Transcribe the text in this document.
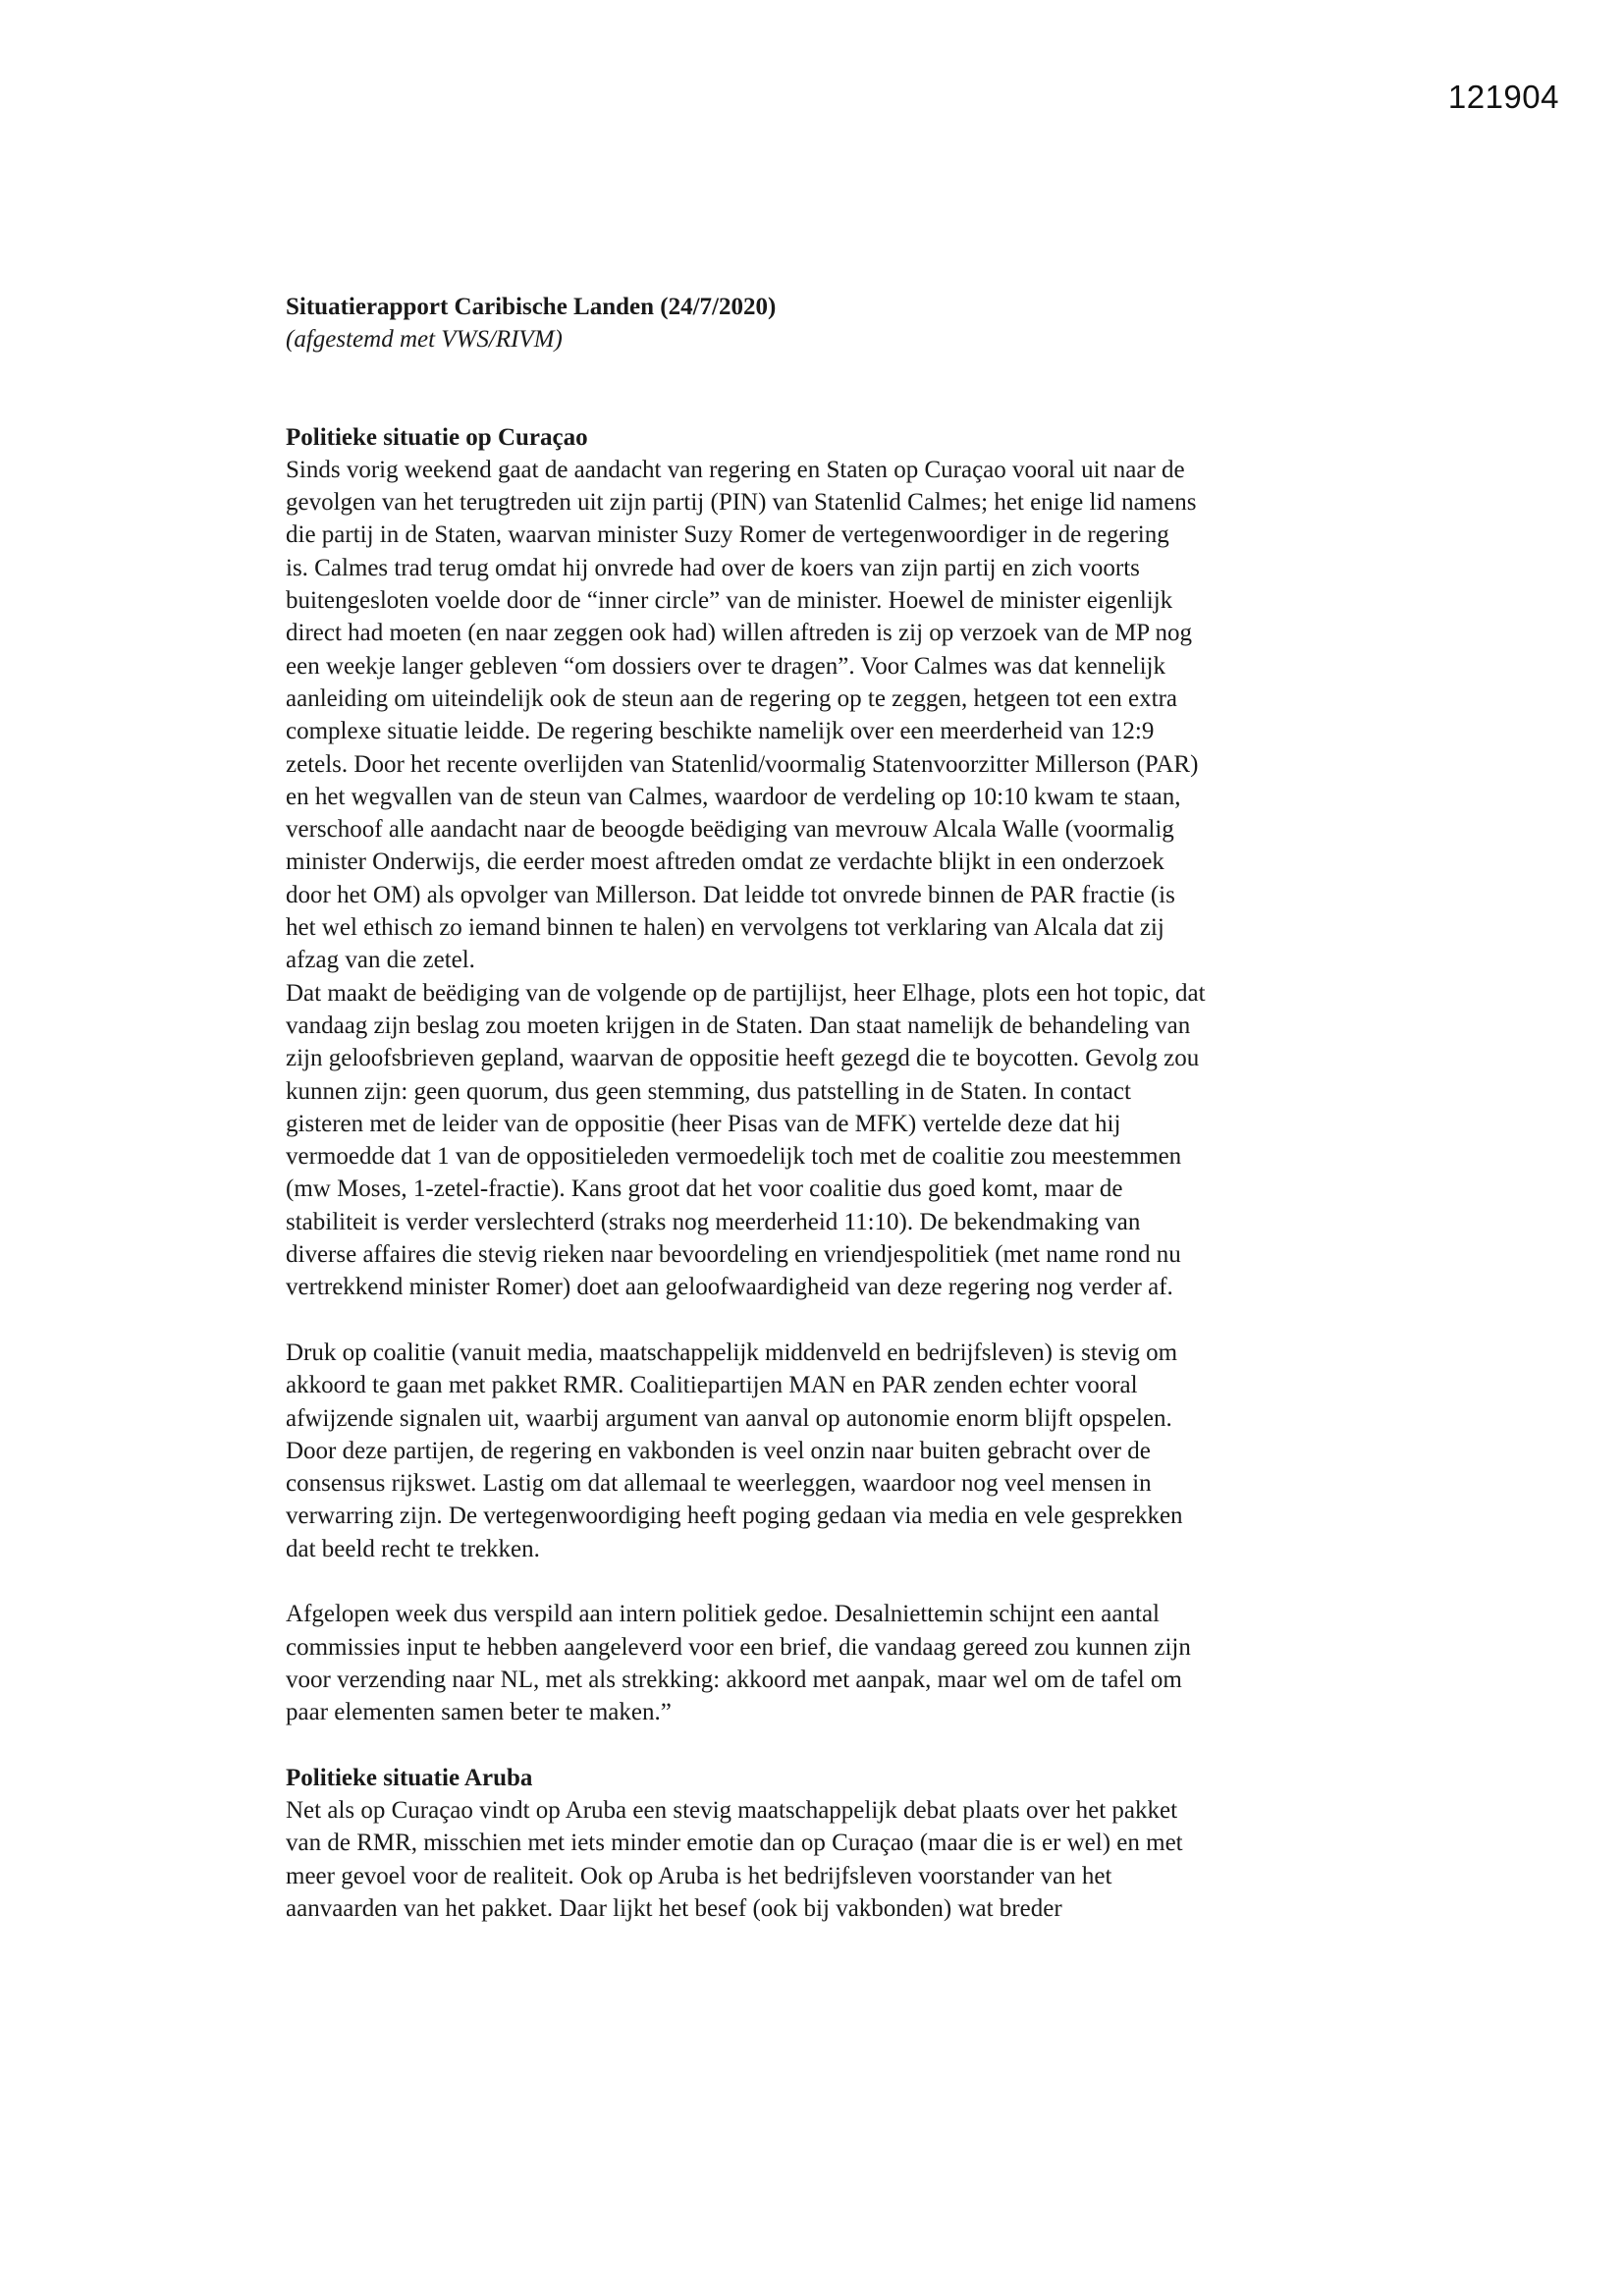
121904

Situatierapport Caribische Landen (24/7/2020)

(afgestemd met VWS/RIVM)

Politieke situatie op Curaçao

Sinds vorig weekend gaat de aandacht van regering en Staten op Curaçao vooral uit naar de
gevolgen van het terugtreden uit zijn partij (PIN) van Statenlid Calmes; het enige lid namens
die partij in de Staten, waarvan minister Suzy Romer de vertegenwoordiger in de regering
is. Calmes trad terug omdat hij onvrede had over de koers van zijn partij en zich voorts
buitengesloten voelde door de “inner circle” van de minister. Hoewel de minister eigenlijk
direct had moeten (en naar zeggen ook had) willen aftreden is zij op verzoek van de MP nog
een weekje langer gebleven “om dossiers over te dragen”. Voor Calmes was dat kennelijk
aanleiding om uiteindelijk ook de steun aan de regering op te zeggen, hetgeen tot een extra
complexe situatie leidde. De regering beschikte namelijk over een meerderheid van 12:9
zetels. Door het recente overlijden van Statenlid/voormalig Statenvoorzitter Millerson (PAR)
en het wegvallen van de steun van Calmes, waardoor de verdeling op 10:10 kwam te staan,
verschoof alle aandacht naar de beoogde beëdiging van mevrouw Alcala Walle (voormalig
minister Onderwijs, die eerder moest aftreden omdat ze verdachte blijkt in een onderzoek
door het OM) als opvolger van Millerson. Dat leidde tot onvrede binnen de PAR fractie (is
het wel ethisch zo iemand binnen te halen) en vervolgens tot verklaring van Alcala dat zij
afzag van die zetel.
Dat maakt de beëdiging van de volgende op de partijlijst, heer Elhage, plots een hot topic, dat
vandaag zijn beslag zou moeten krijgen in de Staten. Dan staat namelijk de behandeling van
zijn geloofsbrieven gepland, waarvan de oppositie heeft gezegd die te boycotten. Gevolg zou
kunnen zijn: geen quorum, dus geen stemming, dus patstelling in de Staten. In contact
gisteren met de leider van de oppositie (heer Pisas van de MFK) vertelde deze dat hij
vermoedde dat 1 van de oppositieleden vermoedelijk toch met de coalitie zou meestemmen
(mw Moses, 1-zetel-fractie). Kans groot dat het voor coalitie dus goed komt, maar de
stabiliteit is verder verslechterd (straks nog meerderheid 11:10). De bekendmaking van
diverse affaires die stevig rieken naar bevoordeling en vriendjespolitiek (met name rond nu
vertrekkend minister Romer) doet aan geloofwaardigheid van deze regering nog verder af.
Druk op coalitie (vanuit media, maatschappelijk middenveld en bedrijfsleven) is stevig om
akkoord te gaan met pakket RMR. Coalitiepartijen MAN en PAR zenden echter vooral
afwijzende signalen uit, waarbij argument van aanval op autonomie enorm blijft opspelen.
Door deze partijen, de regering en vakbonden is veel onzin naar buiten gebracht over de
consensus rijkswet. Lastig om dat allemaal te weerleggen, waardoor nog veel mensen in
verwarring zijn. De vertegenwoordiging heeft poging gedaan via media en vele gesprekken
dat beeld recht te trekken.
Afgelopen week dus verspild aan intern politiek gedoe. Desalniettemin schijnt een aantal
commissies input te hebben aangeleverd voor een brief, die vandaag gereed zou kunnen zijn
voor verzending naar NL, met als strekking: akkoord met aanpak, maar wel om de tafel om
paar elementen samen beter te maken.”

Politieke situatie Aruba

Net als op Curaçao vindt op Aruba een stevig maatschappelijk debat plaats over het pakket
van de RMR, misschien met iets minder emotie dan op Curaçao (maar die is er wel) en met
meer gevoel voor de realiteit. Ook op Aruba is het bedrijfsleven voorstander van het
aanvaarden van het pakket. Daar lijkt het besef (ook bij vakbonden) wat breder
